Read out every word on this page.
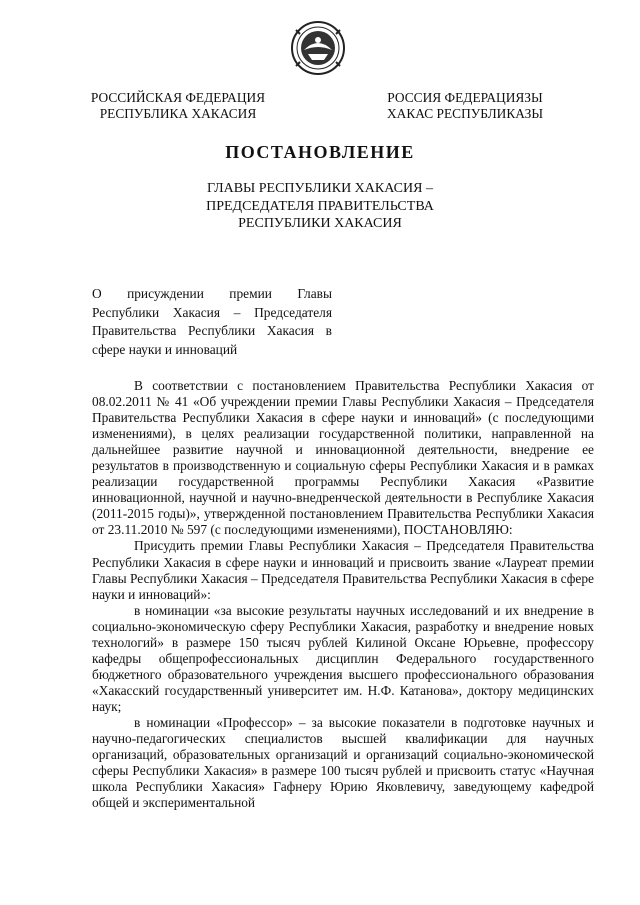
РОССИЙСКАЯ ФЕДЕРАЦИЯ
РЕСПУБЛИКА ХАКАСИЯ
РОССИЯ ФЕДЕРАЦИЯЗЫ
ХАКАС РЕСПУБЛИКАЗЫ
ПОСТАНОВЛЕНИЕ
ГЛАВЫ РЕСПУБЛИКИ ХАКАСИЯ –
ПРЕДСЕДАТЕЛЯ ПРАВИТЕЛЬСТВА
РЕСПУБЛИКИ ХАКАСИЯ
О присуждении премии Главы Республики Хакасия – Председателя Правительства Республики Хакасия в сфере науки и инноваций

В соответствии с постановлением Правительства Республики Хакасия от 08.02.2011 № 41 «Об учреждении премии Главы Республики Хакасия – Председателя Правительства Республики Хакасия в сфере науки и инноваций» (с последующими изменениями), в целях реализации государственной политики, направленной на дальнейшее развитие научной и инновационной деятельности, внедрение ее результатов в производственную и социальную сферы Республики Хакасия и в рамках реализации государственной программы Республики Хакасия «Развитие инновационной, научной и научно-внедренческой деятельности в Республике Хакасия (2011-2015 годы)», утвержденной постановлением Правительства Республики Хакасия от 23.11.2010 № 597 (с последующими изменениями), ПОСТАНОВЛЯЮ:

Присудить премии Главы Республики Хакасия – Председателя Правительства Республики Хакасия в сфере науки и инноваций и присвоить звание «Лауреат премии Главы Республики Хакасия – Председателя Правительства Республики Хакасия в сфере науки и инноваций»:

в номинации «за высокие результаты научных исследований и их внедрение в социально-экономическую сферу Республики Хакасия, разработку и внедрение новых технологий» в размере 150 тысяч рублей Килиной Оксане Юрьевне, профессору кафедры общепрофессиональных дисциплин Федерального государственного бюджетного образовательного учреждения высшего профессионального образования «Хакасский государственный университет им. Н.Ф. Катанова», доктору медицинских наук;

в номинации «Профессор» – за высокие показатели в подготовке научных и научно-педагогических специалистов высшей квалификации для научных организаций, образовательных организаций и организаций социально-экономической сферы Республики Хакасия» в размере 100 тысяч рублей и присвоить статус «Научная школа Республики Хакасия» Гафнеру Юрию Яковлевичу, заведующему кафедрой общей и экспериментальной
